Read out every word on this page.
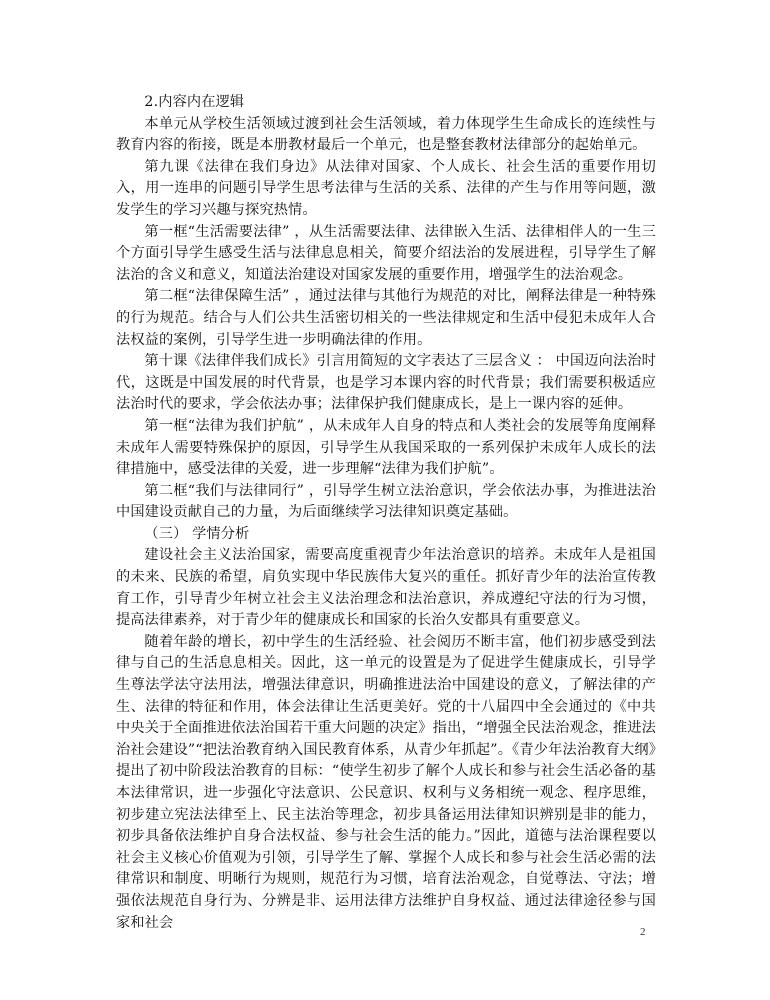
2.内容内在逻辑

本单元从学校生活领域过渡到社会生活领域，着力体现学生生命成长的连续性与教育内容的衔接，既是本册教材最后一个单元，也是整套教材法律部分的起始单元。

第九课《法律在我们身边》从法律对国家、个人成长、社会生活的重要作用切入，用一连串的问题引导学生思考法律与生活的关系、法律的产生与作用等问题，激发学生的学习兴趣与探究热情。

第一框“生活需要法律” ，从生活需要法律、法律嵌入生活、法律相伴人的一生三个方面引导学生感受生活与法律息息相关，简要介绍法治的发展进程，引导学生了解法治的含义和意义，知道法治建设对国家发展的重要作用，增强学生的法治观念。

第二框“法律保障生活” ，通过法律与其他行为规范的对比，阐释法律是一种特殊的行为规范。结合与人们公共生活密切相关的一些法律规定和生活中侵犯未成年人合法权益的案例，引导学生进一步明确法律的作用。

第十课《法律伴我们成长》引言用简短的文字表达了三层含义 ： 中国迈向法治时代，这既是中国发展的时代背景，也是学习本课内容的时代背景；我们需要积极适应法治时代的要求，学会依法办事；法律保护我们健康成长，是上一课内容的延伸。

第一框“法律为我们护航” ，从未成年人自身的特点和人类社会的发展等角度阐释未成年人需要特殊保护的原因，引导学生从我国采取的一系列保护未成年人成长的法律措施中，感受法律的关爱，进一步理解“法律为我们护航”。

第二框“我们与法律同行” ，引导学生树立法治意识，学会依法办事，为推进法治中国建设贡献自己的力量，为后面继续学习法律知识奠定基础。

（三） 学情分析

建设社会主义法治国家，需要高度重视青少年法治意识的培养。未成年人是祖国的未来、民族的希望，肩负实现中华民族伟大复兴的重任。抓好青少年的法治宣传教育工作，引导青少年树立社会主义法治理念和法治意识，养成遵纪守法的行为习惯，提高法律素养，对于青少年的健康成长和国家的长治久安都具有重要意义。

随着年龄的增长，初中学生的生活经验、社会阅历不断丰富，他们初步感受到法律与自己的生活息息相关。因此，这一单元的设置是为了促进学生健康成长，引导学生尊法学法守法用法，增强法律意识，明确推进法治中国建设的意义，了解法律的产生、法律的特征和作用，体会法律让生活更美好。党的十八届四中全会通过的《中共中央关于全面推进依法治国若干重大问题的决定》指出，“增强全民法治观念，推进法治社会建设”“把法治教育纳入国民教育体系，从青少年抓起”。《青少年法治教育大纲》提出了初中阶段法治教育的目标：“使学生初步了解个人成长和参与社会生活必备的基本法律常识，进一步强化守法意识、公民意识、权利与义务相统一观念、程序思维，初步建立宪法法律至上、民主法治等理念，初步具备运用法律知识辨别是非的能力，初步具备依法维护自身合法权益、参与社会生活的能力。”因此，道德与法治课程要以社会主义核心价值观为引领，引导学生了解、掌握个人成长和参与社会生活必需的法律常识和制度、明晰行为规则，规范行为习惯，培育法治观念，自觉尊法、守法；增强依法规范自身行为、分辨是非、运用法律方法维护自身权益、通过法律途径参与国家和社会

2
